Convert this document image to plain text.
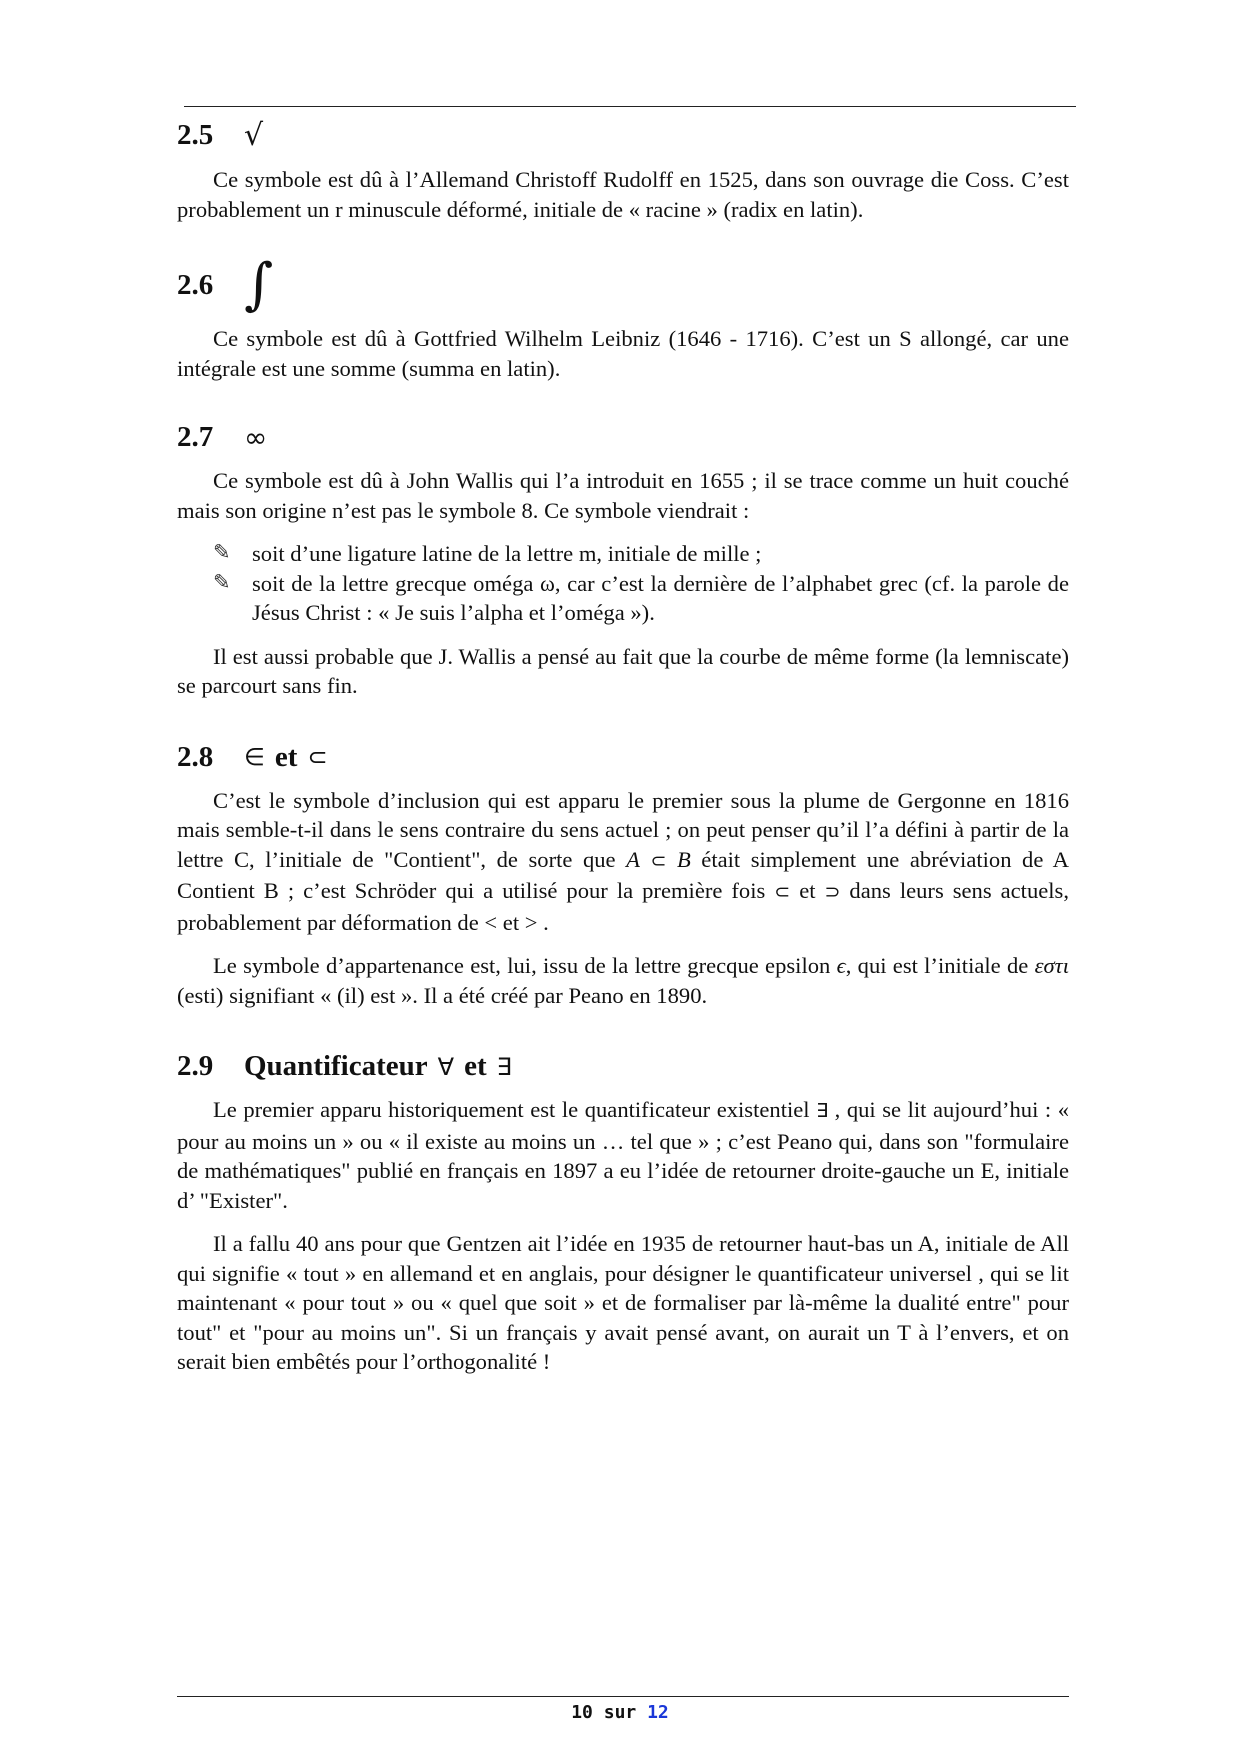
2.5	√

Ce symbole est dû à l’Allemand Christoff Rudolff en 1525, dans son ouvrage die Coss. C’est probablement un r minuscule déformé, initiale de « racine » (radix en latin).

2.6 ∫

Ce symbole est dû à Gottfried Wilhelm Leibniz (1646 - 1716). C’est un S allongé, car une intégrale est une somme (summa en latin).

2.7	∞

Ce symbole est dû à John Wallis qui l’a introduit en 1655 ; il se trace comme un huit couché mais son origine n’est pas le symbole 8. Ce symbole viendrait :

✎ soit d’une ligature latine de la lettre m, initiale de mille ;
✎ soit de la lettre grecque oméga ω, car c’est la dernière de l’alphabet grec (cf. la parole de Jésus Christ : « Je suis l’alpha et l’oméga »).

Il est aussi probable que J. Wallis a pensé au fait que la courbe de même forme (la lemniscate) se parcourt sans fin.

2.8	∈ et ⊂

C’est le symbole d’inclusion qui est apparu le premier sous la plume de Gergonne en 1816 mais semble-t-il dans le sens contraire du sens actuel ; on peut penser qu’il l’a défini à partir de la lettre C, l’initiale de "Contient", de sorte que A ⊂ B était simplement une abréviation de A Contient B ; c’est Schröder qui a utilisé pour la première fois ⊂ et ⊃ dans leurs sens actuels, probablement par déformation de < et > .

Le symbole d’appartenance est, lui, issu de la lettre grecque epsilon ϵ, qui est l’initiale de εστι (esti) signifiant « (il) est ». Il a été créé par Peano en 1890.

2.9	Quantificateur ∀ et ∃

Le premier apparu historiquement est le quantificateur existentiel ∃ , qui se lit aujourd’hui : « pour au moins un » ou « il existe au moins un … tel que » ; c’est Peano qui, dans son "formulaire de mathématiques" publié en français en 1897 a eu l’idée de retourner droite-gauche un E, initiale d’ "Exister".

Il a fallu 40 ans pour que Gentzen ait l’idée en 1935 de retourner haut-bas un A, initiale de All qui signifie « tout » en allemand et en anglais, pour désigner le quantificateur universel , qui se lit maintenant « pour tout » ou « quel que soit » et de formaliser par là-même la dualité entre" pour tout" et "pour au moins un". Si un français y avait pensé avant, on aurait un T à l’envers, et on serait bien embêtés pour l’orthogonalité !

10 sur 12
